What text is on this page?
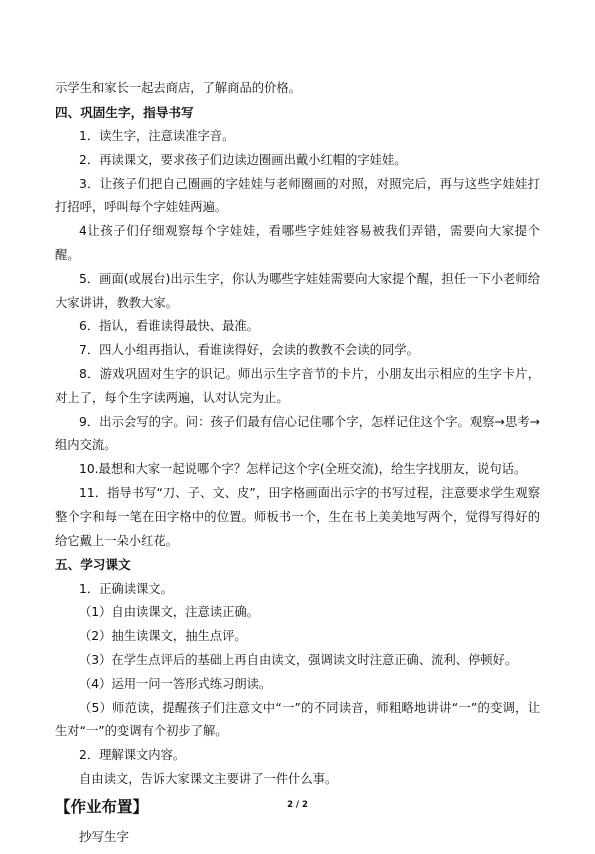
示学生和家长一起去商店，了解商品的价格。

四、巩固生字，指导书写

1．读生字，注意读准字音。

2．再读课文，要求孩子们边读边圈画出戴小红帽的字娃娃。

3．让孩子们把自己圈画的字娃娃与老师圈画的对照，对照完后，再与这些字娃娃打打招呼，呼叫每个字娃娃两遍。

4让孩子们仔细观察每个字娃娃，看哪些字娃娃容易被我们弄错，需要向大家提个醒。

5．画面(或展台)出示生字，你认为哪些字娃娃需要向大家提个醒，担任一下小老师给大家讲讲，教教大家。

6．指认，看谁读得最快、最准。

7．四人小组再指认，看谁读得好，会读的教教不会读的同学。

8．游戏巩固对生字的识记。师出示生字音节的卡片，小朋友出示相应的生字卡片，对上了，每个生字读两遍，认对认完为止。

9．出示会写的字。问：孩子们最有信心记住哪个字，怎样记住这个字。观察→思考→组内交流。

10.最想和大家一起说哪个字？怎样记这个字(全班交流)，给生字找朋友，说句话。

11．指导书写“刀、子、文、皮”，田字格画面出示字的书写过程，注意要求学生观察整个字和每一笔在田字格中的位置。师板书一个，生在书上美美地写两个，觉得写得好的给它戴上一朵小红花。

五、学习课文

1．正确读课文。

（1）自由读课文，注意读正确。

（2）抽生读课文，抽生点评。

（3）在学生点评后的基础上再自由读文，强调读文时注意正确、流利、停顿好。

（4）运用一问一答形式练习朗读。

（5）师范读，提醒孩子们注意文中“一”的不同读音，师粗略地讲讲“一”的变调，让生对“一”的变调有个初步了解。

2．理解课文内容。

自由读文，告诉大家课文主要讲了一件什么事。

【作业布置】

抄写生字

2 / 2
